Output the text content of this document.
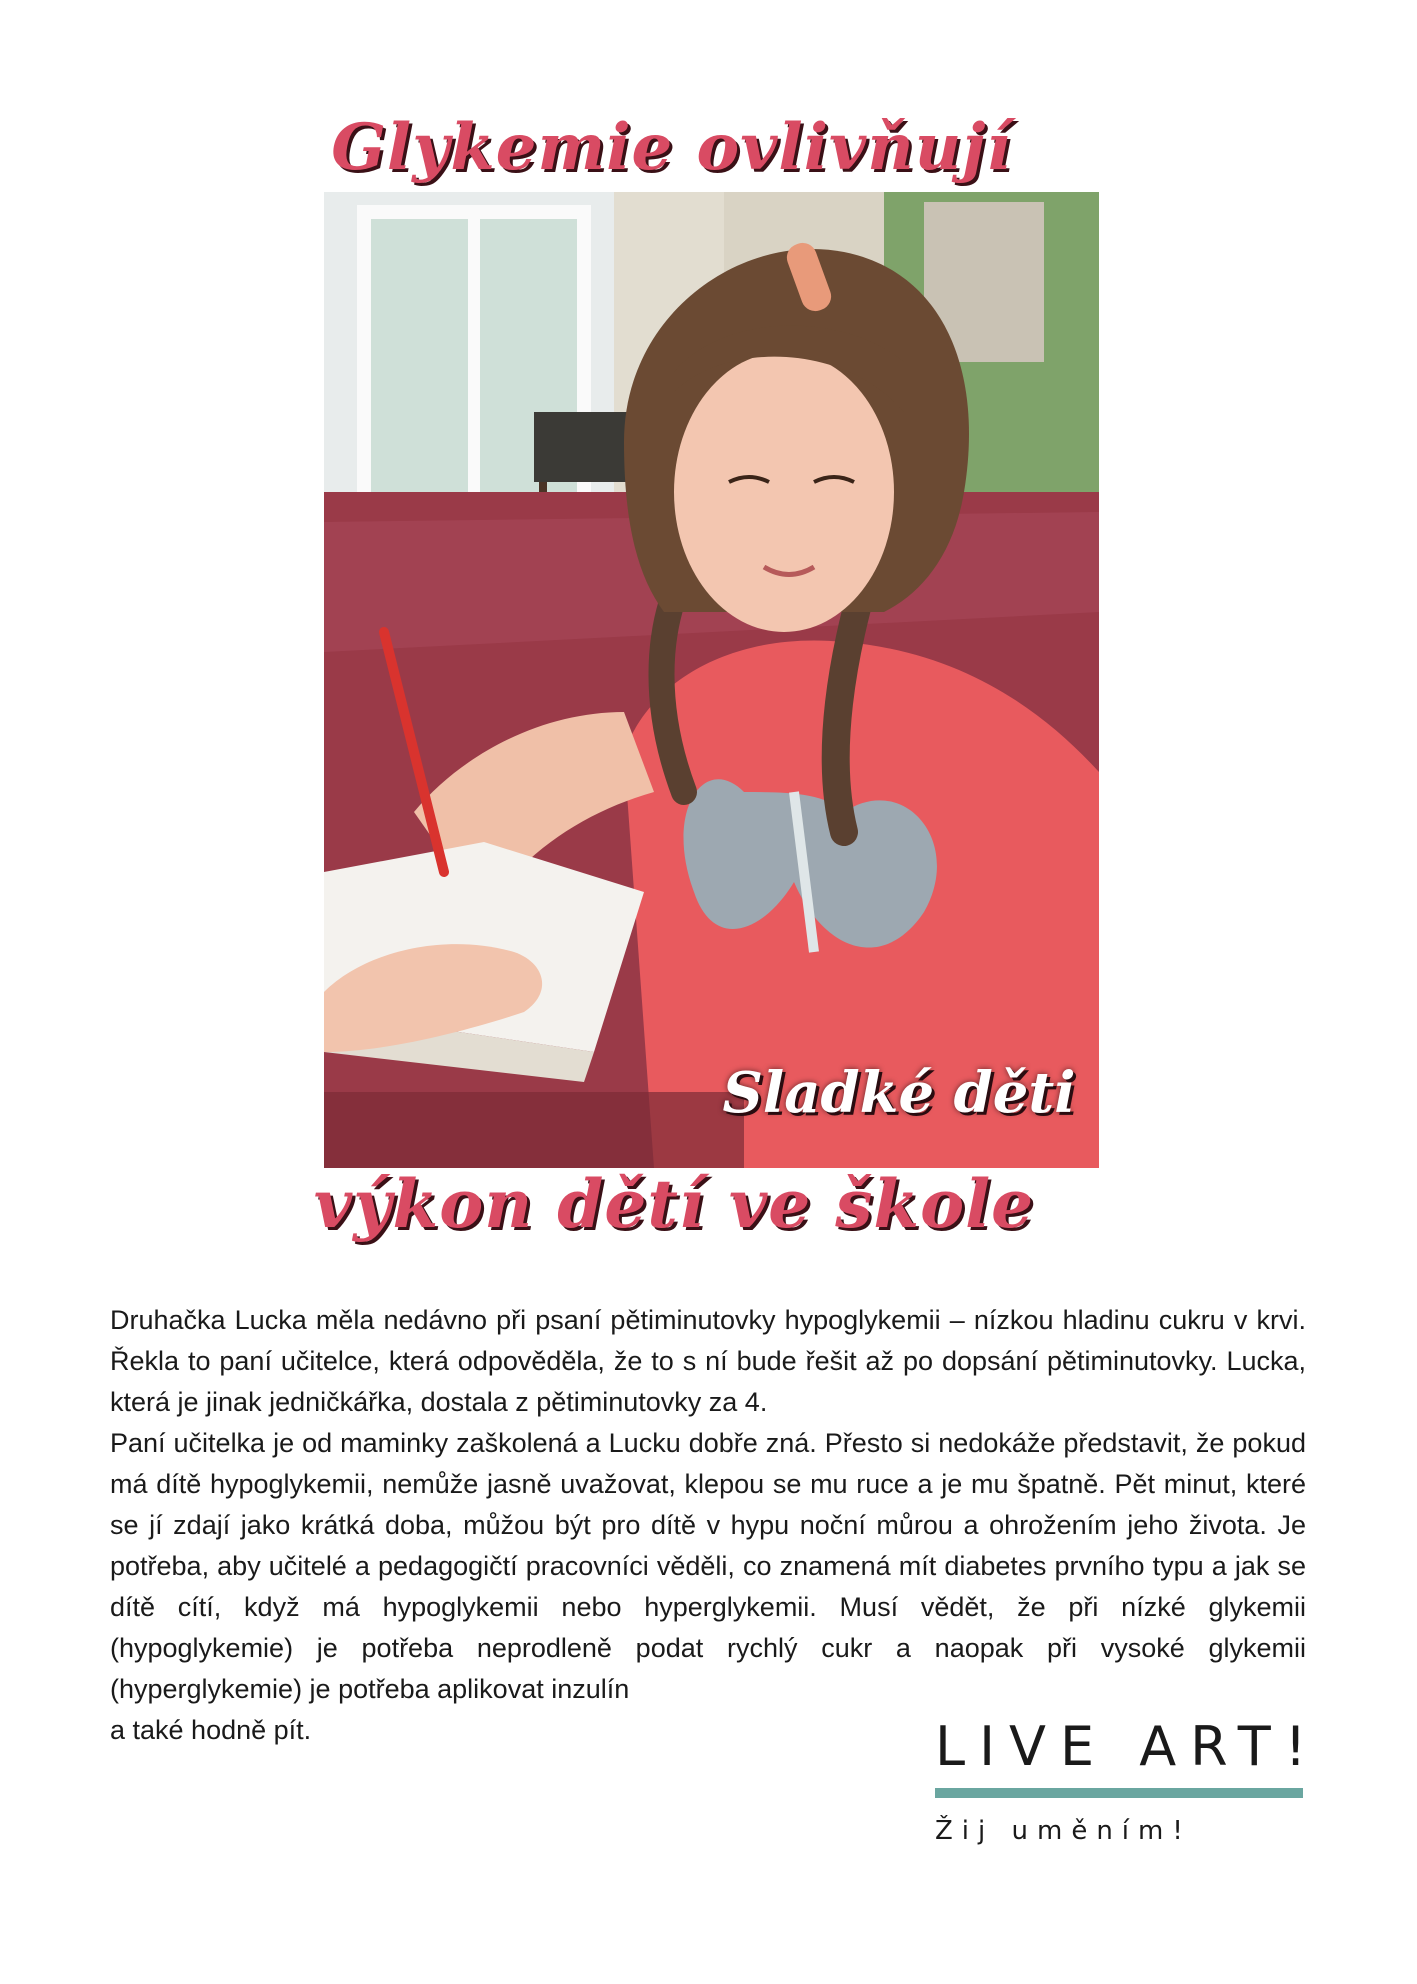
Glykemie ovlivňují
Sladké děti
výkon dětí ve škole

Druhačka Lucka měla nedávno při psaní pětiminutovky hypoglykemii – nízkou hladinu cukru v krvi. Řekla to paní učitelce, která odpověděla, že to s ní bude řešit až po dopsání pětiminutovky. Lucka, která je jinak jedničkářka, dostala z pětiminutovky za 4.

Paní učitelka je od maminky zaškolená a Lucku dobře zná. Přesto si nedokáže představit, že pokud má dítě hypoglykemii, nemůže jasně uvažovat, klepou se mu ruce a je mu špatně. Pět minut, které se jí zdají jako krátká doba, můžou být pro dítě v hypu noční můrou a ohrožením jeho života. Je potřeba, aby učitelé a pedagogičtí pracovníci věděli, co znamená mít diabetes prvního typu a jak se dítě cítí, když má hypoglykemii nebo hyperglykemii. Musí vědět, že při nízké glykemii (hypoglykemie) je potřeba neprodleně podat rychlý cukr a naopak při vysoké glykemii (hyperglykemie) je potřeba aplikovat inzulín

a také hodně pít.	LIVE ART!
Žij uměním!
